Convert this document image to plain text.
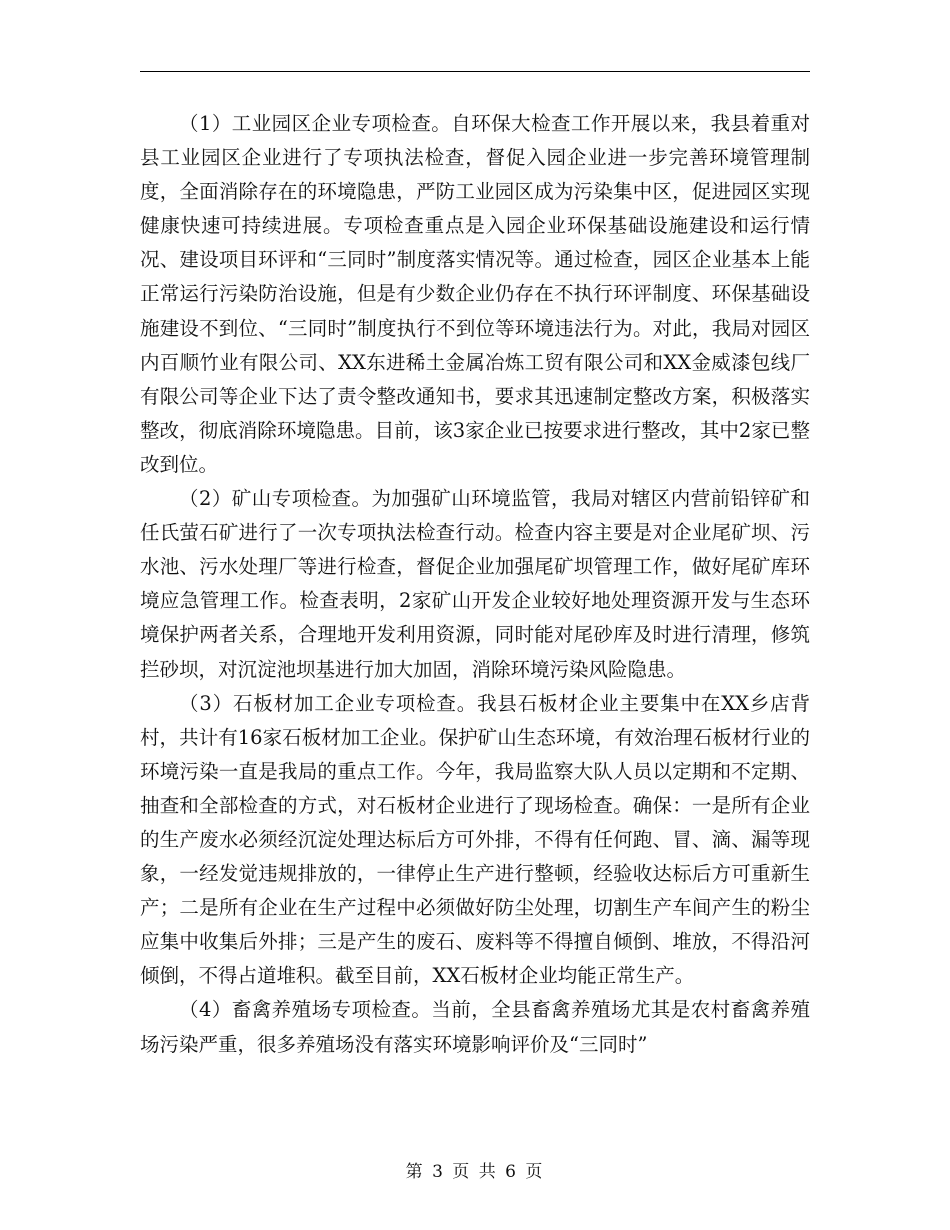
（1）工业园区企业专项检查。自环保大检查工作开展以来，我县着重对县工业园区企业进行了专项执法检查，督促入园企业进一步完善环境管理制度，全面消除存在的环境隐患，严防工业园区成为污染集中区，促进园区实现健康快速可持续进展。专项检查重点是入园企业环保基础设施建设和运行情况、建设项目环评和“三同时”制度落实情况等。通过检查，园区企业基本上能正常运行污染防治设施，但是有少数企业仍存在不执行环评制度、环保基础设施建设不到位、“三同时”制度执行不到位等环境违法行为。对此，我局对园区内百顺竹业有限公司、XX东进稀土金属冶炼工贸有限公司和XX金威漆包线厂有限公司等企业下达了责令整改通知书，要求其迅速制定整改方案，积极落实整改，彻底消除环境隐患。目前，该3家企业已按要求进行整改，其中2家已整改到位。

（2）矿山专项检查。为加强矿山环境监管，我局对辖区内营前铅锌矿和任氏萤石矿进行了一次专项执法检查行动。检查内容主要是对企业尾矿坝、污水池、污水处理厂等进行检查，督促企业加强尾矿坝管理工作，做好尾矿库环境应急管理工作。检查表明，2家矿山开发企业较好地处理资源开发与生态环境保护两者关系，合理地开发利用资源，同时能对尾砂库及时进行清理，修筑拦砂坝，对沉淀池坝基进行加大加固，消除环境污染风险隐患。

（3）石板材加工企业专项检查。我县石板材企业主要集中在XX乡店背村，共计有16家石板材加工企业。保护矿山生态环境，有效治理石板材行业的环境污染一直是我局的重点工作。今年，我局监察大队人员以定期和不定期、抽查和全部检查的方式，对石板材企业进行了现场检查。确保：一是所有企业的生产废水必须经沉淀处理达标后方可外排，不得有任何跑、冒、滴、漏等现象，一经发觉违规排放的，一律停止生产进行整顿，经验收达标后方可重新生产；二是所有企业在生产过程中必须做好防尘处理，切割生产车间产生的粉尘应集中收集后外排；三是产生的废石、废料等不得擅自倾倒、堆放，不得沿河倾倒，不得占道堆积。截至目前，XX石板材企业均能正常生产。

（4）畜禽养殖场专项检查。当前，全县畜禽养殖场尤其是农村畜禽养殖场污染严重，很多养殖场没有落实环境影响评价及“三同时”

第 3 页 共 6 页
